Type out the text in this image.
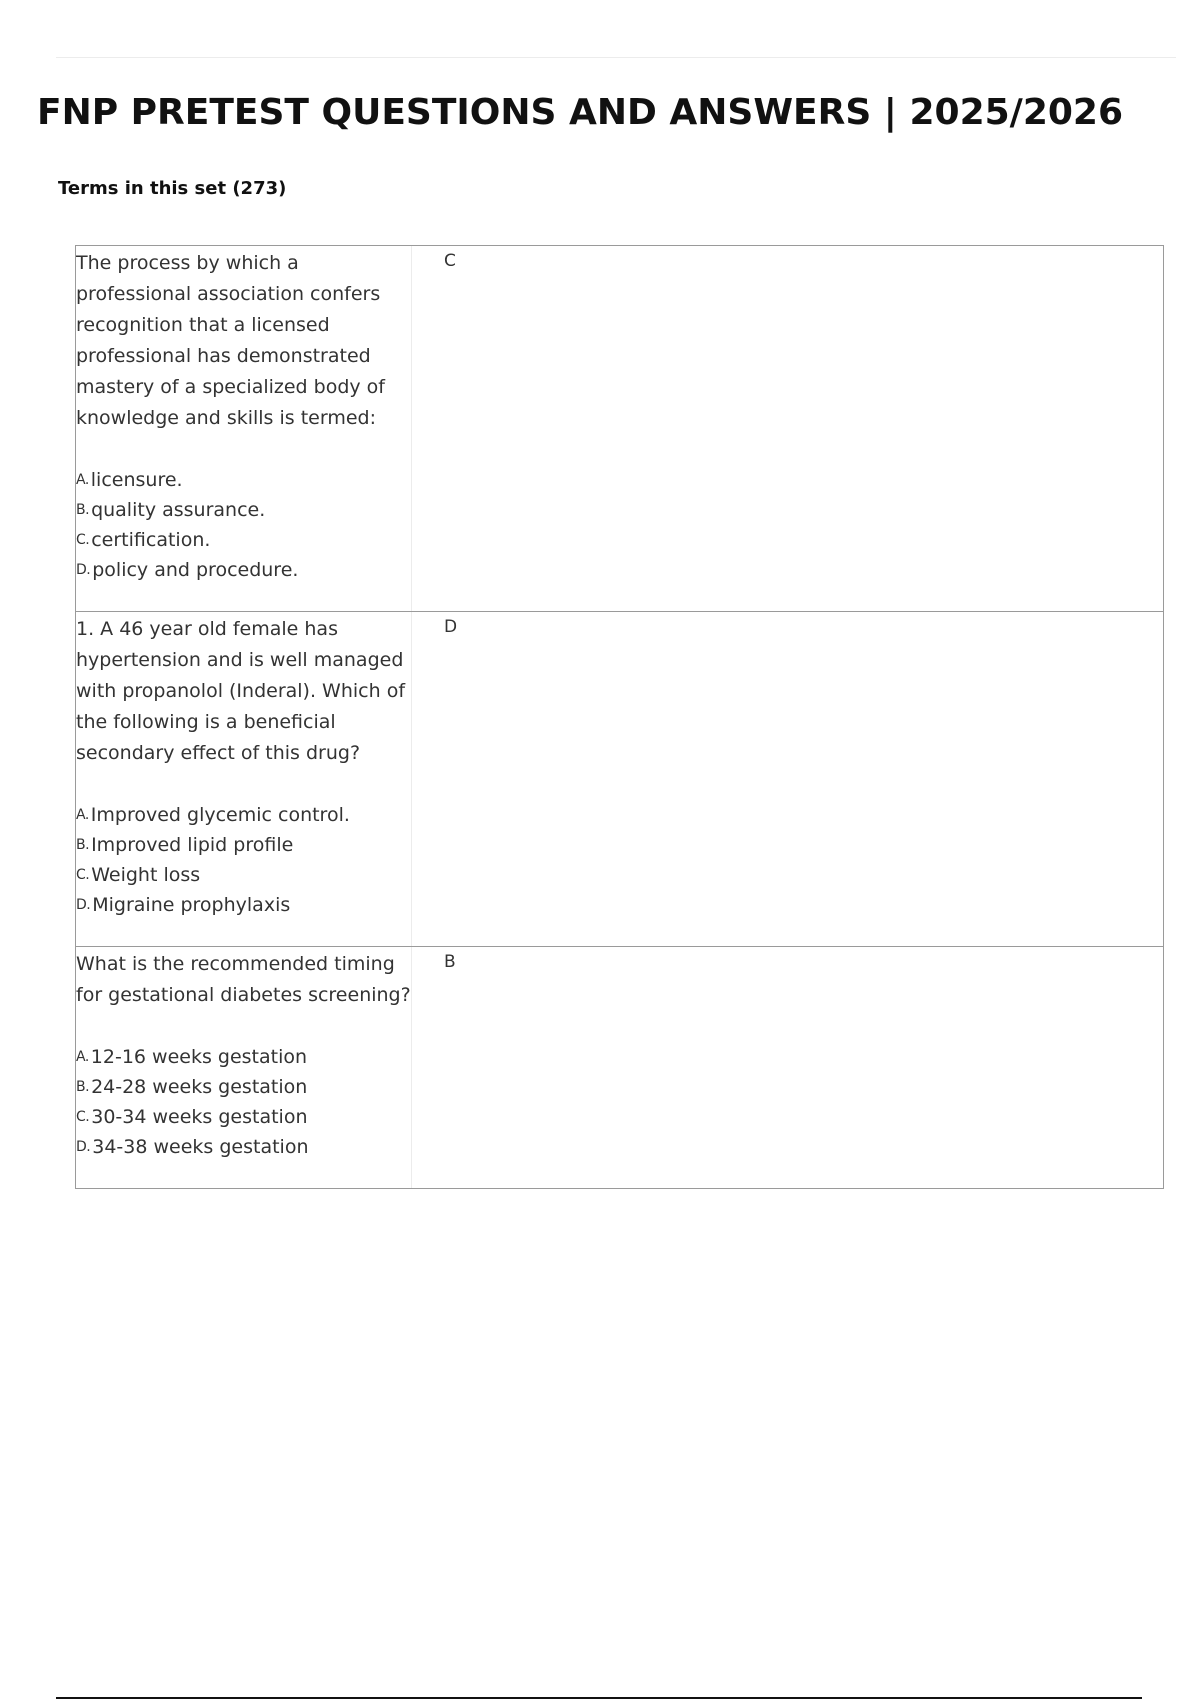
FNP PRETEST QUESTIONS AND ANSWERS | 2025/2026
Terms in this set (273)

The process by which a professional association confers recognition that a licensed professional has demonstrated mastery of a specialized body of knowledge and skills is termed:

A. licensure.
B. quality assurance.
C. certification.
D. policy and procedure.
C

1. A 46 year old female has hypertension and is well managed with propanolol (Inderal). Which of the following is a beneficial secondary effect of this drug?

A. Improved glycemic control.
B. Improved lipid profile
C. Weight loss
D. Migraine prophylaxis
D

What is the recommended timing for gestational diabetes screening?

A. 12-16 weeks gestation
B. 24-28 weeks gestation
C. 30-34 weeks gestation
D. 34-38 weeks gestation
B
